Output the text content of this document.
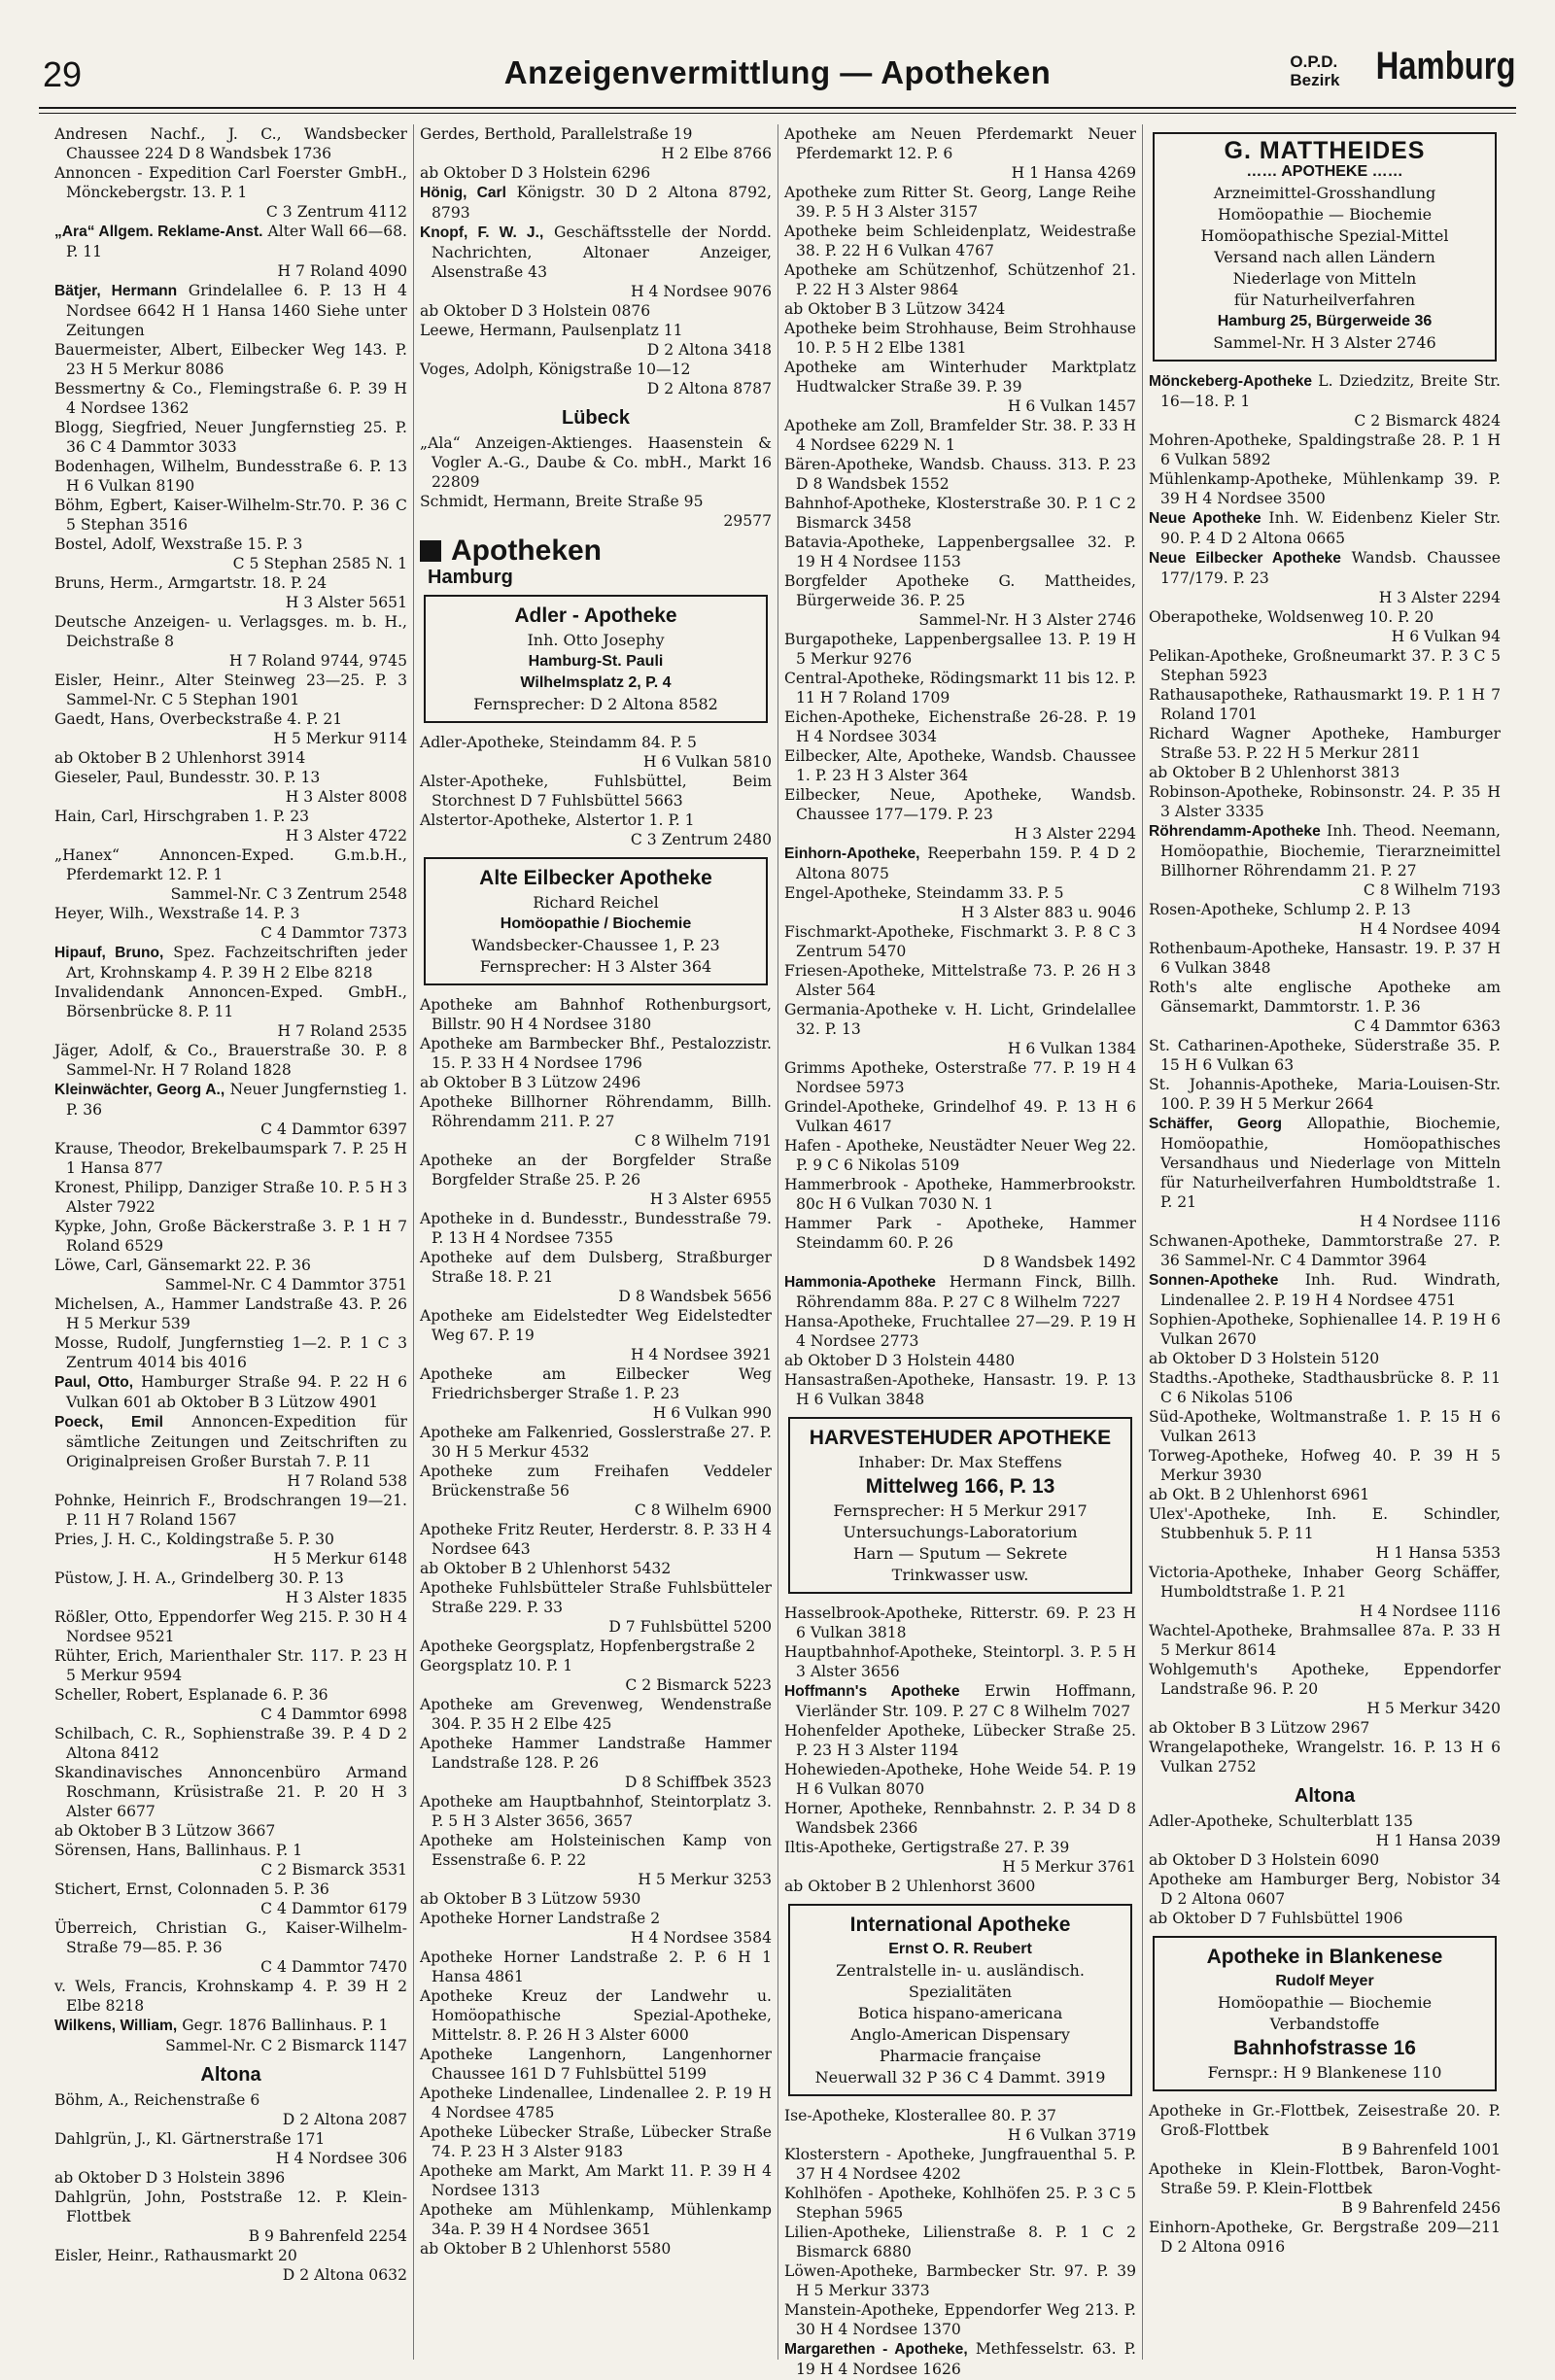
29	Anzeigenvermittlung — Apotheken	O.P.D.
Bezirk Hamburg

Andresen Nachf., J. C., Wandsbecker Chaussee 224 D 8 Wandsbek 1736

Annoncen - Expedition Carl Foerster GmbH., Mönckebergstr. 13. P. 1
C 3 Zentrum 4112

„Ara“ Allgem. Reklame-Anst. Alter Wall 66—68. P. 11
H 7 Roland 4090

Bätjer, Hermann Grindelallee 6. P. 13 H 4 Nordsee 6642 H 1 Hansa 1460 Siehe unter Zeitungen

Bauermeister, Albert, Eilbecker Weg 143. P. 23 H 5 Merkur 8086

Bessmertny & Co., Flemingstraße 6. P. 39 H 4 Nordsee 1362

Blogg, Siegfried, Neuer Jungfernstieg 25. P. 36 C 4 Dammtor 3033

Bodenhagen, Wilhelm, Bundesstraße 6. P. 13 H 6 Vulkan 8190

Böhm, Egbert, Kaiser-Wilhelm-Str.70. P. 36 C 5 Stephan 3516

Bostel, Adolf, Wexstraße 15. P. 3
C 5 Stephan 2585 N. 1

Bruns, Herm., Armgartstr. 18. P. 24
H 3 Alster 5651

Deutsche Anzeigen- u. Verlagsges. m. b. H., Deichstraße 8
H 7 Roland 9744, 9745

Eisler, Heinr., Alter Steinweg 23—25. P. 3 Sammel-Nr. C 5 Stephan 1901

Gaedt, Hans, Overbeckstraße 4. P. 21
H 5 Merkur 9114

ab Oktober B 2 Uhlenhorst 3914

Gieseler, Paul, Bundesstr. 30. P. 13
H 3 Alster 8008

Hain, Carl, Hirschgraben 1. P. 23
H 3 Alster 4722

„Hanex“ Annoncen-Exped. G.m.b.H., Pferdemarkt 12. P. 1
Sammel-Nr. C 3 Zentrum 2548

Heyer, Wilh., Wexstraße 14. P. 3
C 4 Dammtor 7373

Hipauf, Bruno, Spez. Fachzeitschriften jeder Art, Krohnskamp 4. P. 39 H 2 Elbe 8218

Invalidendank Annoncen-Exped. GmbH., Börsenbrücke 8. P. 11
H 7 Roland 2535

Jäger, Adolf, & Co., Brauerstraße 30. P. 8 Sammel-Nr. H 7 Roland 1828

Kleinwächter, Georg A., Neuer Jungfernstieg 1. P. 36
C 4 Dammtor 6397

Krause, Theodor, Brekelbaumspark 7. P. 25 H 1 Hansa 877

Kronest, Philipp, Danziger Straße 10. P. 5 H 3 Alster 7922

Kypke, John, Große Bäckerstraße 3. P. 1 H 7 Roland 6529

Löwe, Carl, Gänsemarkt 22. P. 36
Sammel-Nr. C 4 Dammtor 3751

Michelsen, A., Hammer Landstraße 43. P. 26 H 5 Merkur 539

Mosse, Rudolf, Jungfernstieg 1—2. P. 1 C 3 Zentrum 4014 bis 4016

Paul, Otto, Hamburger Straße 94. P. 22 H 6 Vulkan 601 ab Oktober B 3 Lützow 4901

Poeck, Emil Annoncen-Expedition für sämtliche Zeitungen und Zeitschriften zu Originalpreisen Großer Burstah 7. P. 11
H 7 Roland 538

Pohnke, Heinrich F., Brodschrangen 19—21. P. 11 H 7 Roland 1567

Pries, J. H. C., Koldingstraße 5. P. 30
H 5 Merkur 6148

Püstow, J. H. A., Grindelberg 30. P. 13
H 3 Alster 1835

Rößler, Otto, Eppendorfer Weg 215. P. 30 H 4 Nordsee 9521

Rühter, Erich, Marienthaler Str. 117. P. 23 H 5 Merkur 9594

Scheller, Robert, Esplanade 6. P. 36
C 4 Dammtor 6998

Schilbach, C. R., Sophienstraße 39. P. 4 D 2 Altona 8412

Skandinavisches Annoncenbüro Armand Roschmann, Krüsistraße 21. P. 20 H 3 Alster 6677

ab Oktober B 3 Lützow 3667

Sörensen, Hans, Ballinhaus. P. 1
C 2 Bismarck 3531

Stichert, Ernst, Colonnaden 5. P. 36
C 4 Dammtor 6179

Überreich, Christian G., Kaiser-Wilhelm-Straße 79—85. P. 36
C 4 Dammtor 7470

v. Wels, Francis, Krohnskamp 4. P. 39 H 2 Elbe 8218

Wilkens, William, Gegr. 1876 Ballinhaus. P. 1
Sammel-Nr. C 2 Bismarck 1147

Altona

Böhm, A., Reichenstraße 6
D 2 Altona 2087

Dahlgrün, J., Kl. Gärtnerstraße 171
H 4 Nordsee 306

ab Oktober D 3 Holstein 3896

Dahlgrün, John, Poststraße 12. P. Klein-Flottbek
B 9 Bahrenfeld 2254

Eisler, Heinr., Rathausmarkt 20
D 2 Altona 0632

Gerdes, Berthold, Parallelstraße 19
H 2 Elbe 8766

ab Oktober D 3 Holstein 6296

Hönig, Carl Königstr. 30 D 2 Altona 8792, 8793

Knopf, F. W. J., Geschäftsstelle der Nordd. Nachrichten, Altonaer Anzeiger, Alsenstraße 43
H 4 Nordsee 9076

ab Oktober D 3 Holstein 0876

Leewe, Hermann, Paulsenplatz 11
D 2 Altona 3418

Voges, Adolph, Königstraße 10—12
D 2 Altona 8787

Lübeck

„Ala“ Anzeigen-Aktienges. Haasenstein & Vogler A.-G., Daube & Co. mbH., Markt 16 22809

Schmidt, Hermann, Breite Straße 95
29577

Apotheken
Hamburg
Adler - Apotheke
Inh. Otto Josephy
Hamburg-St. Pauli
Wilhelmsplatz 2, P. 4
Fernsprecher: D 2 Altona 8582

Adler-Apotheke, Steindamm 84. P. 5
H 6 Vulkan 5810

Alster-Apotheke, Fuhlsbüttel, Beim Storchnest D 7 Fuhlsbüttel 5663

Alstertor-Apotheke, Alstertor 1. P. 1
C 3 Zentrum 2480

Alte Eilbecker Apotheke
Richard Reichel
Homöopathie / Biochemie
Wandsbecker-Chaussee 1, P. 23
Fernsprecher: H 3 Alster 364

Apotheke am Bahnhof Rothenburgsort, Billstr. 90 H 4 Nordsee 3180

Apotheke am Barmbecker Bhf., Pestalozzistr. 15. P. 33 H 4 Nordsee 1796

ab Oktober B 3 Lützow 2496

Apotheke Billhorner Röhrendamm, Billh. Röhrendamm 211. P. 27
C 8 Wilhelm 7191

Apotheke an der Borgfelder Straße Borgfelder Straße 25. P. 26
H 3 Alster 6955

Apotheke in d. Bundesstr., Bundesstraße 79. P. 13 H 4 Nordsee 7355

Apotheke auf dem Dulsberg, Straßburger Straße 18. P. 21
D 8 Wandsbek 5656

Apotheke am Eidelstedter Weg Eidelstedter Weg 67. P. 19
H 4 Nordsee 3921

Apotheke am Eilbecker Weg Friedrichsberger Straße 1. P. 23
H 6 Vulkan 990

Apotheke am Falkenried, Gosslerstraße 27. P. 30 H 5 Merkur 4532

Apotheke zum Freihafen Veddeler Brückenstraße 56
C 8 Wilhelm 6900

Apotheke Fritz Reuter, Herderstr. 8. P. 33 H 4 Nordsee 643

ab Oktober B 2 Uhlenhorst 5432

Apotheke Fuhlsbütteler Straße Fuhlsbütteler Straße 229. P. 33
D 7 Fuhlsbüttel 5200

Apotheke Georgsplatz, Hopfenbergstraße 2

Georgsplatz 10. P. 1
C 2 Bismarck 5223

Apotheke am Grevenweg, Wendenstraße 304. P. 35 H 2 Elbe 425

Apotheke Hammer Landstraße Hammer Landstraße 128. P. 26
D 8 Schiffbek 3523

Apotheke am Hauptbahnhof, Steintorplatz 3. P. 5 H 3 Alster 3656, 3657

Apotheke am Holsteinischen Kamp von Essenstraße 6. P. 22
H 5 Merkur 3253

ab Oktober B 3 Lützow 5930

Apotheke Horner Landstraße 2
H 4 Nordsee 3584

Apotheke Horner Landstraße 2. P. 6 H 1 Hansa 4861

Apotheke Kreuz der Landwehr u. Homöopathische Spezial-Apotheke, Mittelstr. 8. P. 26 H 3 Alster 6000

Apotheke Langenhorn, Langenhorner Chaussee 161 D 7 Fuhlsbüttel 5199

Apotheke Lindenallee, Lindenallee 2. P. 19 H 4 Nordsee 4785

Apotheke Lübecker Straße, Lübecker Straße 74. P. 23 H 3 Alster 9183

Apotheke am Markt, Am Markt 11. P. 39 H 4 Nordsee 1313

Apotheke am Mühlenkamp, Mühlenkamp 34a. P. 39 H 4 Nordsee 3651

ab Oktober B 2 Uhlenhorst 5580

Apotheke am Neuen Pferdemarkt Neuer Pferdemarkt 12. P. 6
H 1 Hansa 4269

Apotheke zum Ritter St. Georg, Lange Reihe 39. P. 5 H 3 Alster 3157

Apotheke beim Schleidenplatz, Weidestraße 38. P. 22 H 6 Vulkan 4767

Apotheke am Schützenhof, Schützenhof 21. P. 22 H 3 Alster 9864

ab Oktober B 3 Lützow 3424

Apotheke beim Strohhause, Beim Strohhause 10. P. 5 H 2 Elbe 1381

Apotheke am Winterhuder Marktplatz Hudtwalcker Straße 39. P. 39
H 6 Vulkan 1457

Apotheke am Zoll, Bramfelder Str. 38. P. 33 H 4 Nordsee 6229 N. 1

Bären-Apotheke, Wandsb. Chauss. 313. P. 23 D 8 Wandsbek 1552

Bahnhof-Apotheke, Klosterstraße 30. P. 1 C 2 Bismarck 3458

Batavia-Apotheke, Lappenbergsallee 32. P. 19 H 4 Nordsee 1153

Borgfelder Apotheke G. Mattheides, Bürgerweide 36. P. 25
Sammel-Nr. H 3 Alster 2746

Burgapotheke, Lappenbergsallee 13. P. 19 H 5 Merkur 9276

Central-Apotheke, Rödingsmarkt 11 bis 12. P. 11 H 7 Roland 1709

Eichen-Apotheke, Eichenstraße 26-28. P. 19 H 4 Nordsee 3034

Eilbecker, Alte, Apotheke, Wandsb. Chaussee 1. P. 23 H 3 Alster 364

Eilbecker, Neue, Apotheke, Wandsb. Chaussee 177—179. P. 23
H 3 Alster 2294

Einhorn-Apotheke, Reeperbahn 159. P. 4 D 2 Altona 8075

Engel-Apotheke, Steindamm 33. P. 5
H 3 Alster 883 u. 9046

Fischmarkt-Apotheke, Fischmarkt 3. P. 8 C 3 Zentrum 5470

Friesen-Apotheke, Mittelstraße 73. P. 26 H 3 Alster 564

Germania-Apotheke v. H. Licht, Grindelallee 32. P. 13
H 6 Vulkan 1384

Grimms Apotheke, Osterstraße 77. P. 19 H 4 Nordsee 5973

Grindel-Apotheke, Grindelhof 49. P. 13 H 6 Vulkan 4617

Hafen - Apotheke, Neustädter Neuer Weg 22. P. 9 C 6 Nikolas 5109

Hammerbrook - Apotheke, Hammerbrookstr. 80c H 6 Vulkan 7030 N. 1

Hammer Park - Apotheke, Hammer Steindamm 60. P. 26
D 8 Wandsbek 1492

Hammonia-Apotheke Hermann Finck, Billh. Röhrendamm 88a. P. 27 C 8 Wilhelm 7227

Hansa-Apotheke, Fruchtallee 27—29. P. 19 H 4 Nordsee 2773

ab Oktober D 3 Holstein 4480

Hansastraßen-Apotheke, Hansastr. 19. P. 13 H 6 Vulkan 3848

HARVESTEHUDER APOTHEKE
Inhaber: Dr. Max Steffens
Mittelweg 166, P. 13
Fernsprecher: H 5 Merkur 2917
Untersuchungs-Laboratorium
Harn — Sputum — Sekrete
Trinkwasser usw.

Hasselbrook-Apotheke, Ritterstr. 69. P. 23 H 6 Vulkan 3818

Hauptbahnhof-Apotheke, Steintorpl. 3. P. 5 H 3 Alster 3656

Hoffmann's Apotheke Erwin Hoffmann, Vierländer Str. 109. P. 27 C 8 Wilhelm 7027

Hohenfelder Apotheke, Lübecker Straße 25. P. 23 H 3 Alster 1194

Hohewieden-Apotheke, Hohe Weide 54. P. 19 H 6 Vulkan 8070

Horner, Apotheke, Rennbahnstr. 2. P. 34 D 8 Wandsbek 2366

Iltis-Apotheke, Gertigstraße 27. P. 39
H 5 Merkur 3761

ab Oktober B 2 Uhlenhorst 3600

International Apotheke
Ernst O. R. Reubert
Zentralstelle in- u. ausländisch. Spezialitäten
Botica hispano-americana
Anglo-American Dispensary
Pharmacie française
Neuerwall 32 P 36 C 4 Dammt. 3919

Ise-Apotheke, Klosterallee 80. P. 37
H 6 Vulkan 3719

Klosterstern - Apotheke, Jungfrauenthal 5. P. 37 H 4 Nordsee 4202

Kohlhöfen - Apotheke, Kohlhöfen 25. P. 3 C 5 Stephan 5965

Lilien-Apotheke, Lilienstraße 8. P. 1 C 2 Bismarck 6880

Löwen-Apotheke, Barmbecker Str. 97. P. 39 H 5 Merkur 3373

Manstein-Apotheke, Eppendorfer Weg 213. P. 30 H 4 Nordsee 1370

Margarethen - Apotheke, Methfesselstr. 63. P. 19 H 4 Nordsee 1626

G. MATTHEIDES
…… APOTHEKE ……
Arzneimittel-Grosshandlung
Homöopathie — Biochemie
Homöopathische Spezial-Mittel
Versand nach allen Ländern
Niederlage von Mitteln
für Naturheilverfahren
Hamburg 25, Bürgerweide 36
Sammel-Nr. H 3 Alster 2746

Mönckeberg-Apotheke L. Dziedzitz, Breite Str. 16—18. P. 1
C 2 Bismarck 4824

Mohren-Apotheke, Spaldingstraße 28. P. 1 H 6 Vulkan 5892

Mühlenkamp-Apotheke, Mühlenkamp 39. P. 39 H 4 Nordsee 3500

Neue Apotheke Inh. W. Eidenbenz Kieler Str. 90. P. 4 D 2 Altona 0665

Neue Eilbecker Apotheke Wandsb. Chaussee 177/179. P. 23
H 3 Alster 2294

Oberapotheke, Woldsenweg 10. P. 20
H 6 Vulkan 94

Pelikan-Apotheke, Großneumarkt 37. P. 3 C 5 Stephan 5923

Rathausapotheke, Rathausmarkt 19. P. 1 H 7 Roland 1701

Richard Wagner Apotheke, Hamburger Straße 53. P. 22 H 5 Merkur 2811

ab Oktober B 2 Uhlenhorst 3813

Robinson-Apotheke, Robinsonstr. 24. P. 35 H 3 Alster 3335

Röhrendamm-Apotheke Inh. Theod. Neemann, Homöopathie, Biochemie, Tierarzneimittel Billhorner Röhrendamm 21. P. 27
C 8 Wilhelm 7193

Rosen-Apotheke, Schlump 2. P. 13
H 4 Nordsee 4094

Rothenbaum-Apotheke, Hansastr. 19. P. 37 H 6 Vulkan 3848

Roth's alte englische Apotheke am Gänsemarkt, Dammtorstr. 1. P. 36
C 4 Dammtor 6363

St. Catharinen-Apotheke, Süderstraße 35. P. 15 H 6 Vulkan 63

St. Johannis-Apotheke, Maria-Louisen-Str. 100. P. 39 H 5 Merkur 2664

Schäffer, Georg Allopathie, Biochemie, Homöopathie, Homöopathisches Versandhaus und Niederlage von Mitteln für Naturheilverfahren Humboldtstraße 1. P. 21
H 4 Nordsee 1116

Schwanen-Apotheke, Dammtorstraße 27. P. 36 Sammel-Nr. C 4 Dammtor 3964

Sonnen-Apotheke Inh. Rud. Windrath, Lindenallee 2. P. 19 H 4 Nordsee 4751

Sophien-Apotheke, Sophienallee 14. P. 19 H 6 Vulkan 2670

ab Oktober D 3 Holstein 5120

Stadths.-Apotheke, Stadthausbrücke 8. P. 11 C 6 Nikolas 5106

Süd-Apotheke, Woltmanstraße 1. P. 15 H 6 Vulkan 2613

Torweg-Apotheke, Hofweg 40. P. 39 H 5 Merkur 3930

ab Okt. B 2 Uhlenhorst 6961

Ulex'-Apotheke, Inh. E. Schindler, Stubbenhuk 5. P. 11
H 1 Hansa 5353

Victoria-Apotheke, Inhaber Georg Schäffer, Humboldtstraße 1. P. 21
H 4 Nordsee 1116

Wachtel-Apotheke, Brahmsallee 87a. P. 33 H 5 Merkur 8614

Wohlgemuth's Apotheke, Eppendorfer Landstraße 96. P. 20
H 5 Merkur 3420

ab Oktober B 3 Lützow 2967

Wrangelapotheke, Wrangelstr. 16. P. 13 H 6 Vulkan 2752

Altona

Adler-Apotheke, Schulterblatt 135
H 1 Hansa 2039

ab Oktober D 3 Holstein 6090

Apotheke am Hamburger Berg, Nobistor 34 D 2 Altona 0607

ab Oktober D 7 Fuhlsbüttel 1906

Apotheke in Blankenese
Rudolf Meyer
Homöopathie — Biochemie
Verbandstoffe
Bahnhofstrasse 16
Fernspr.: H 9 Blankenese 110

Apotheke in Gr.-Flottbek, Zeisestraße 20. P. Groß-Flottbek
B 9 Bahrenfeld 1001

Apotheke in Klein-Flottbek, Baron-Voght-Straße 59. P. Klein-Flottbek
B 9 Bahrenfeld 2456

Einhorn-Apotheke, Gr. Bergstraße 209—211 D 2 Altona 0916
